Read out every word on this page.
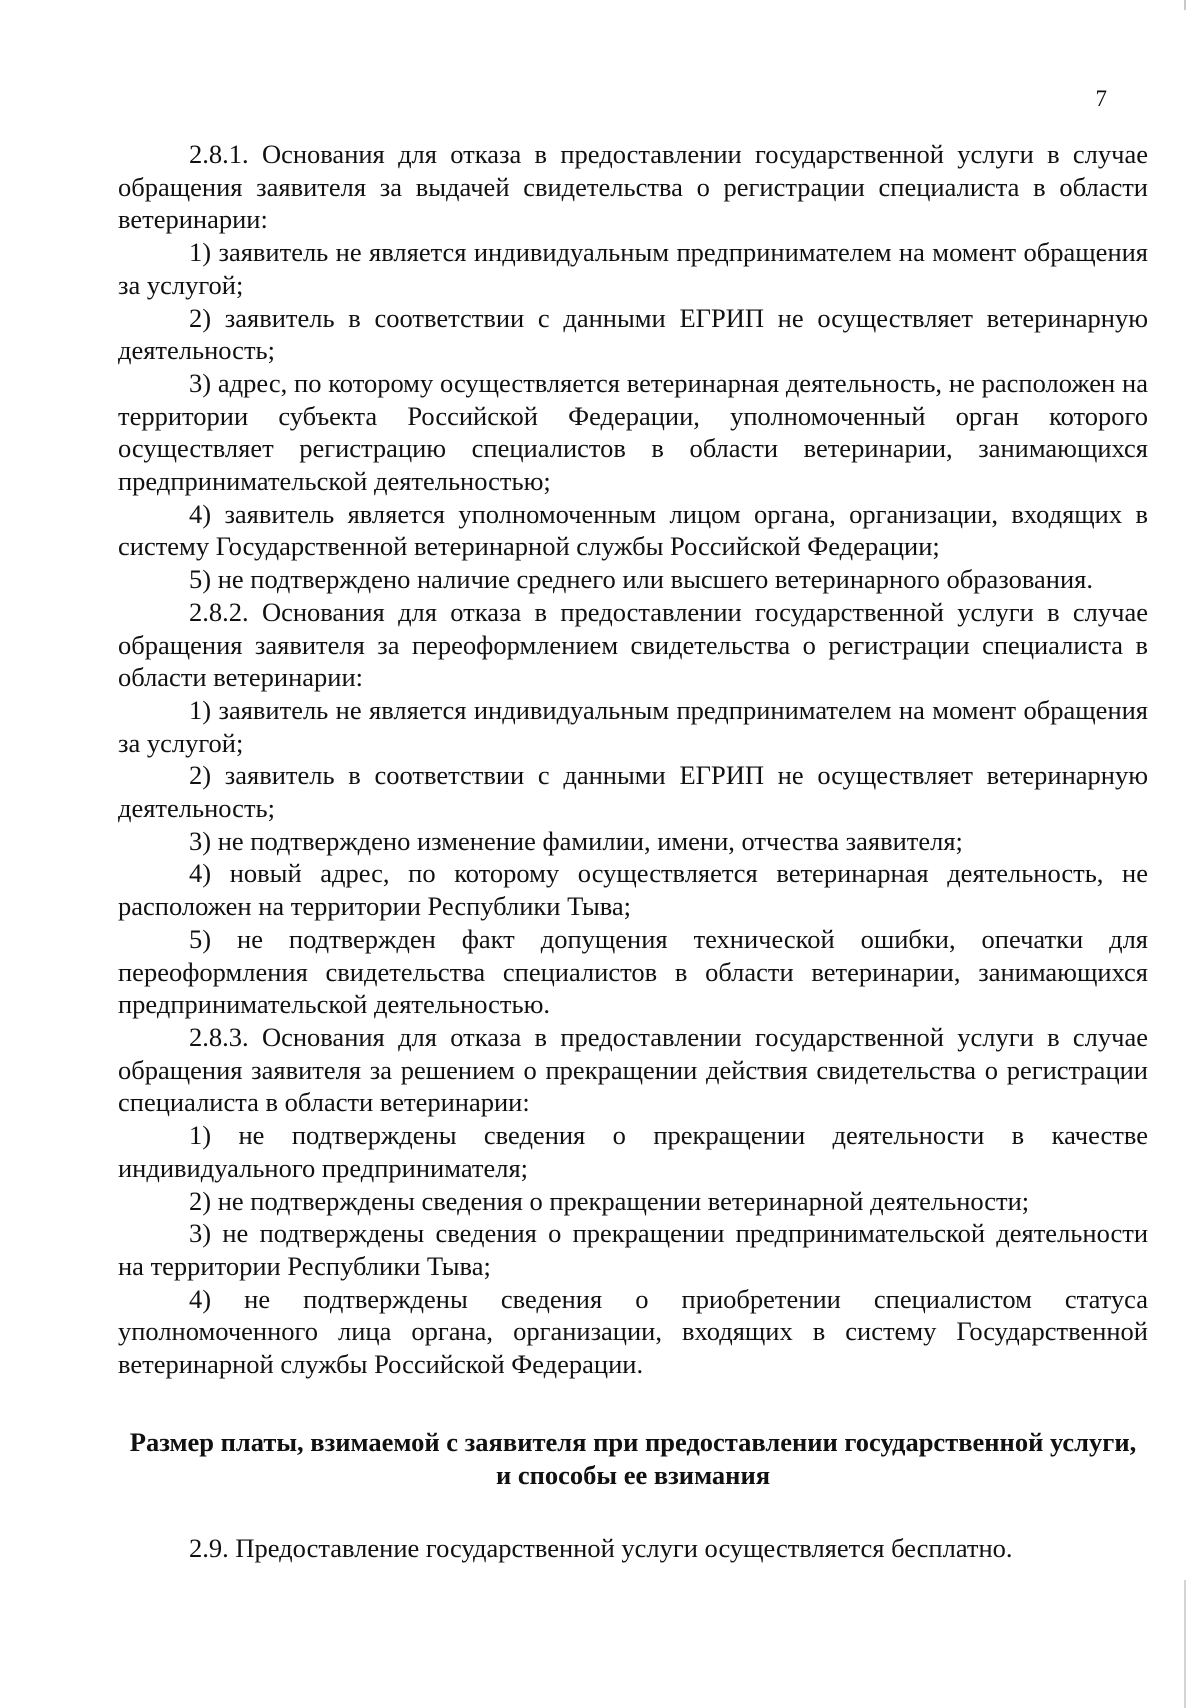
7

2.8.1. Основания для отказа в предоставлении государственной услуги в случае обращения заявителя за выдачей свидетельства о регистрации специалиста в области ветеринарии:

1) заявитель не является индивидуальным предпринимателем на момент обращения за услугой;

2) заявитель в соответствии с данными ЕГРИП не осуществляет ветеринарную деятельность;

3) адрес, по которому осуществляется ветеринарная деятельность, не расположен на территории субъекта Российской Федерации, уполномоченный орган которого осуществляет регистрацию специалистов в области ветеринарии, занимающихся предпринимательской деятельностью;

4) заявитель является уполномоченным лицом органа, организации, входящих в систему Государственной ветеринарной службы Российской Федерации;

5) не подтверждено наличие среднего или высшего ветеринарного образования.

2.8.2. Основания для отказа в предоставлении государственной услуги в случае обращения заявителя за переоформлением свидетельства о регистрации специалиста в области ветеринарии:

1) заявитель не является индивидуальным предпринимателем на момент обращения за услугой;

2) заявитель в соответствии с данными ЕГРИП не осуществляет ветеринарную деятельность;

3) не подтверждено изменение фамилии, имени, отчества заявителя;

4) новый адрес, по которому осуществляется ветеринарная деятельность, не расположен на территории Республики Тыва;

5) не подтвержден факт допущения технической ошибки, опечатки для переоформления свидетельства специалистов в области ветеринарии, занимающихся предпринимательской деятельностью.

2.8.3. Основания для отказа в предоставлении государственной услуги в случае обращения заявителя за решением о прекращении действия свидетельства о регистрации специалиста в области ветеринарии:

1) не подтверждены сведения о прекращении деятельности в качестве индивидуального предпринимателя;

2) не подтверждены сведения о прекращении ветеринарной деятельности;

3) не подтверждены сведения о прекращении предпринимательской деятельности на территории Республики Тыва;

4) не подтверждены сведения о приобретении специалистом статуса уполномоченного лица органа, организации, входящих в систему Государственной ветеринарной службы Российской Федерации.

Размер платы, взимаемой с заявителя при предоставлении государственной услуги, и способы ее взимания

2.9. Предоставление государственной услуги осуществляется бесплатно.
